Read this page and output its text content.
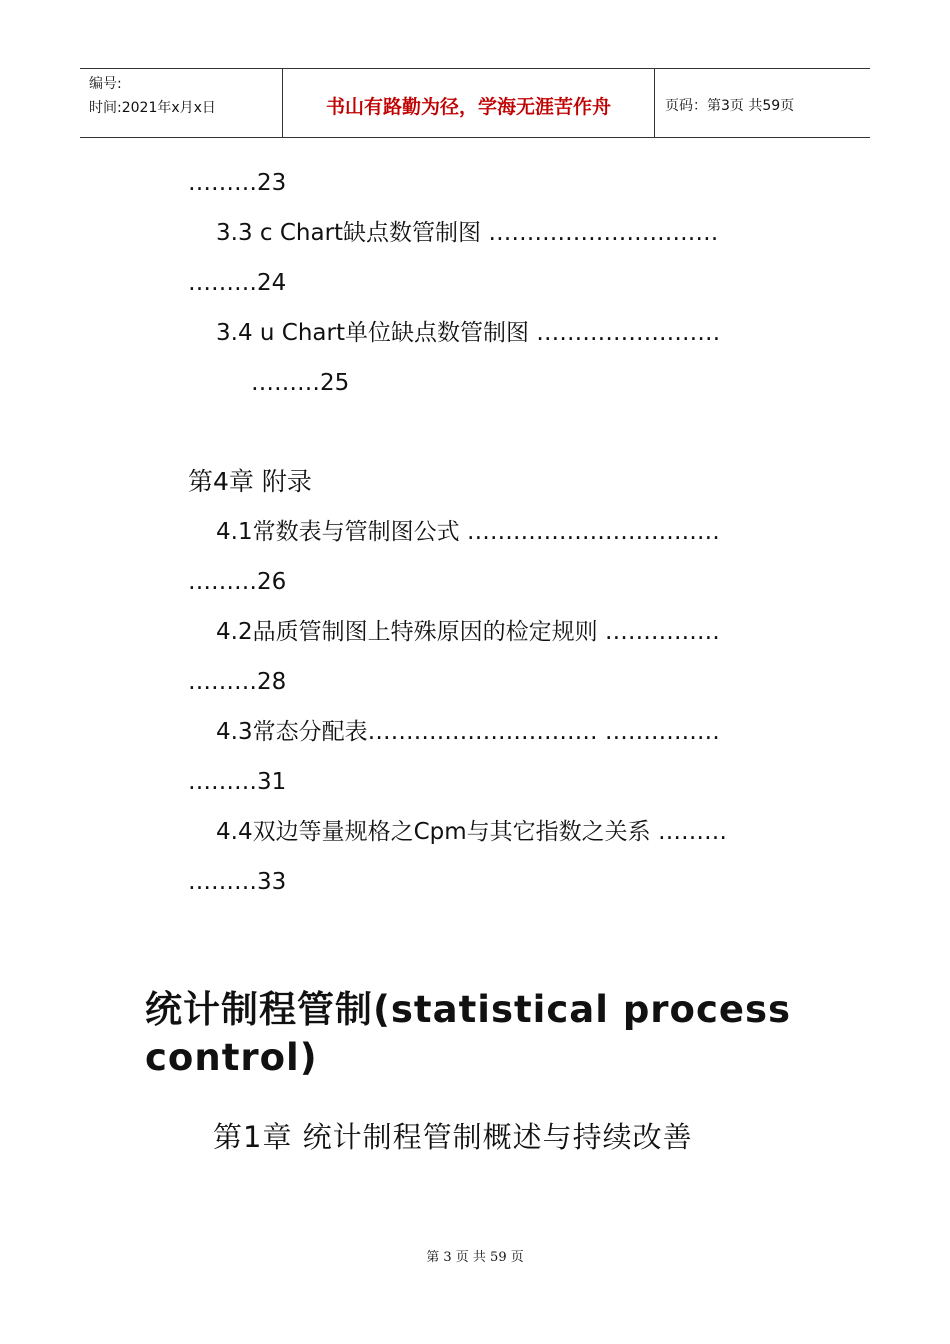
编号:
时间:2021年x月x日	书山有路勤为径，学海无涯苦作舟	页码：第3页 共59页
………23
3.3 c Chart缺点数管制图 …………………………
………24
3.4 u Chart单位缺点数管制图 ……………………
………25
第4章 附录
4.1常数表与管制图公式 ……………………………
………26
4.2品质管制图上特殊原因的检定规则 ……………
………28
4.3常态分配表………………………… ……………
………31
4.4双边等量规格之Cpm与其它指数之关系 ………
………33
统计制程管制(statistical process control)
第1章 统计制程管制概述与持续改善
第 3 页 共 59 页
